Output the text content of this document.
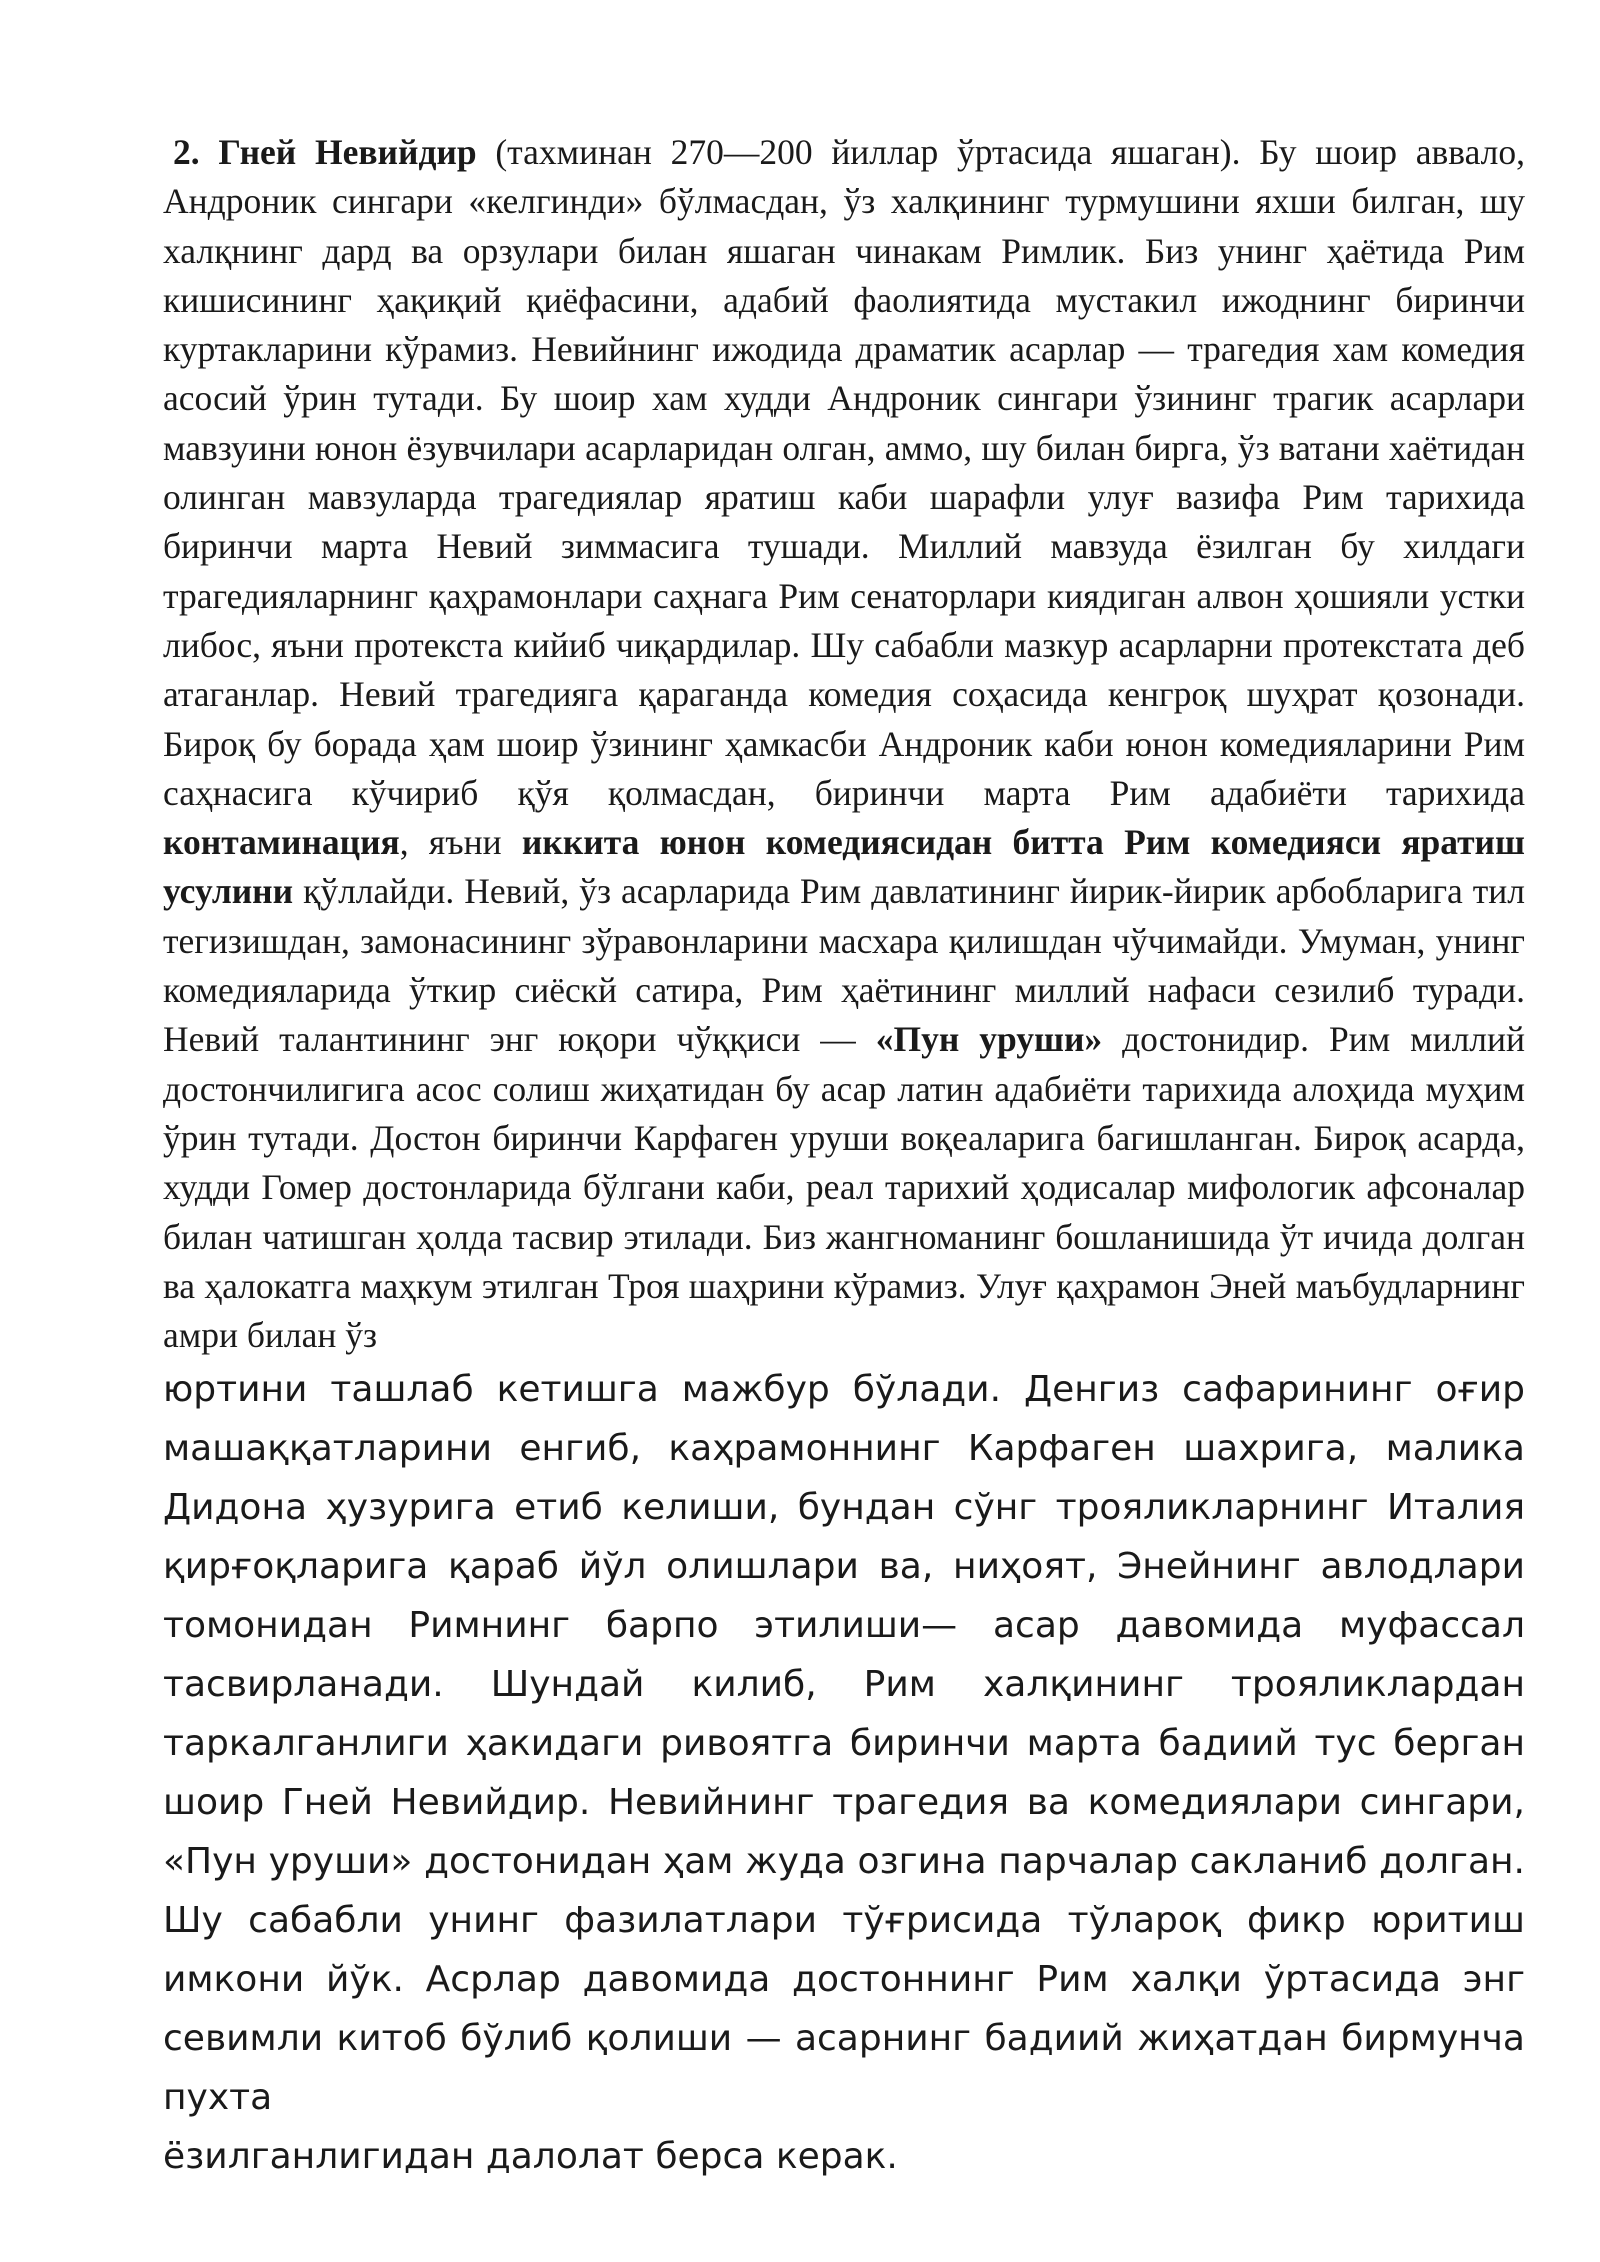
2. Гней Невийдир (тахминан 270—200 йиллар ўртасида яшаган). Бу шоир аввало, Андроник сингари «келгинди» бўлмасдан, ўз халқининг турмушини яхши билган, шу халқнинг дард ва орзулари билан яшаган чинакам Римлик. Биз унинг ҳаётида Рим кишисининг ҳақиқий қиёфасини, адабий фаолиятида мустакил ижоднинг биринчи куртакларини кўрамиз. Невийнинг ижодида драматик асарлар — трагедия хам комедия асосий ўрин тутади. Бу шоир хам худди Андроник сингари ўзининг трагик асарлари мавзуини юнон ёзувчилари асарларидан олган, аммо, шу билан бирга, ўз ватани хаётидан олинган мавзуларда трагедиялар яратиш каби шарафли улуғ вазифа Рим тарихида биринчи марта Невий зиммасига тушади. Миллий мавзуда ёзилган бу хилдаги трагедияларнинг қаҳрамонлари саҳнага Рим сенаторлари киядиган алвон ҳошияли устки либос, яъни протекста кийиб чиқардилар. Шу сабабли мазкур асарларни протекстата деб атаганлар. Невий трагедияга қараганда комедия соҳасида кенгроқ шуҳрат қозонади. Бироқ бу борада ҳам шоир ўзининг ҳамкасби Андроник каби юнон комедияларини Рим саҳнасига кўчириб қўя қолмасдан, биринчи марта Рим адабиёти тарихида контаминация, яъни иккита юнон комедиясидан битта Рим комедияси яратиш усулини қўллайди. Невий, ўз асарларида Рим давлатининг йирик-йирик арбобларига тил тегизишдан, замонасининг зўравонларини масхара қилишдан чўчимайди. Умуман, унинг комедияларида ўткир сиёскй сатира, Рим ҳаётининг миллий нафаси сезилиб туради. Невий талантининг энг юқори чўққиси — «Пун уруши» достонидир. Рим миллий достончилигига асос солиш жиҳатидан бу асар латин адабиёти тарихида алоҳида муҳим ўрин тутади. Достон биринчи Карфаген уруши воқеаларига багишланган. Бироқ асарда, худди Гомер достонларида бўлгани каби, реал тарихий ҳодисалар мифологик афсоналар билан чатишган ҳолда тасвир этилади. Биз жангноманинг бошланишида ўт ичида долган ва ҳалокатга маҳкум этилган Троя шаҳрини кўрамиз. Улуғ қаҳрамон Эней маъбудларнинг амри билан ўз

юртини ташлаб кетишга мажбур бўлади. Денгиз сафарининг оғир машаққатларини енгиб, каҳрамоннинг Карфаген шахрига, малика Дидона ҳузурига етиб келиши, бундан сўнг трояликларнинг Италия қирғоқларига қараб йўл олишлари ва, ниҳоят, Энейнинг авлодлари томонидан Римнинг барпо этилиши— асар давомида муфассал тасвирланади. Шундай килиб, Рим халқининг трояликлардан таркалганлиги ҳакидаги ривоятга биринчи марта бадиий тус берган шоир Гней Невийдир. Невийнинг трагедия ва комедиялари сингари, «Пун уруши» достонидан ҳам жуда озгина парчалар сакланиб долган. Шу сабабли унинг фазилатлари тўғрисида тўлароқ фикр юритиш имкони йўк. Асрлар давомида достоннинг Рим халқи ўртасида энг севимли китоб бўлиб қолиши — асарнинг бадиий жиҳатдан бирмунча пухта

ёзилганлигидан далолат берса керак.
